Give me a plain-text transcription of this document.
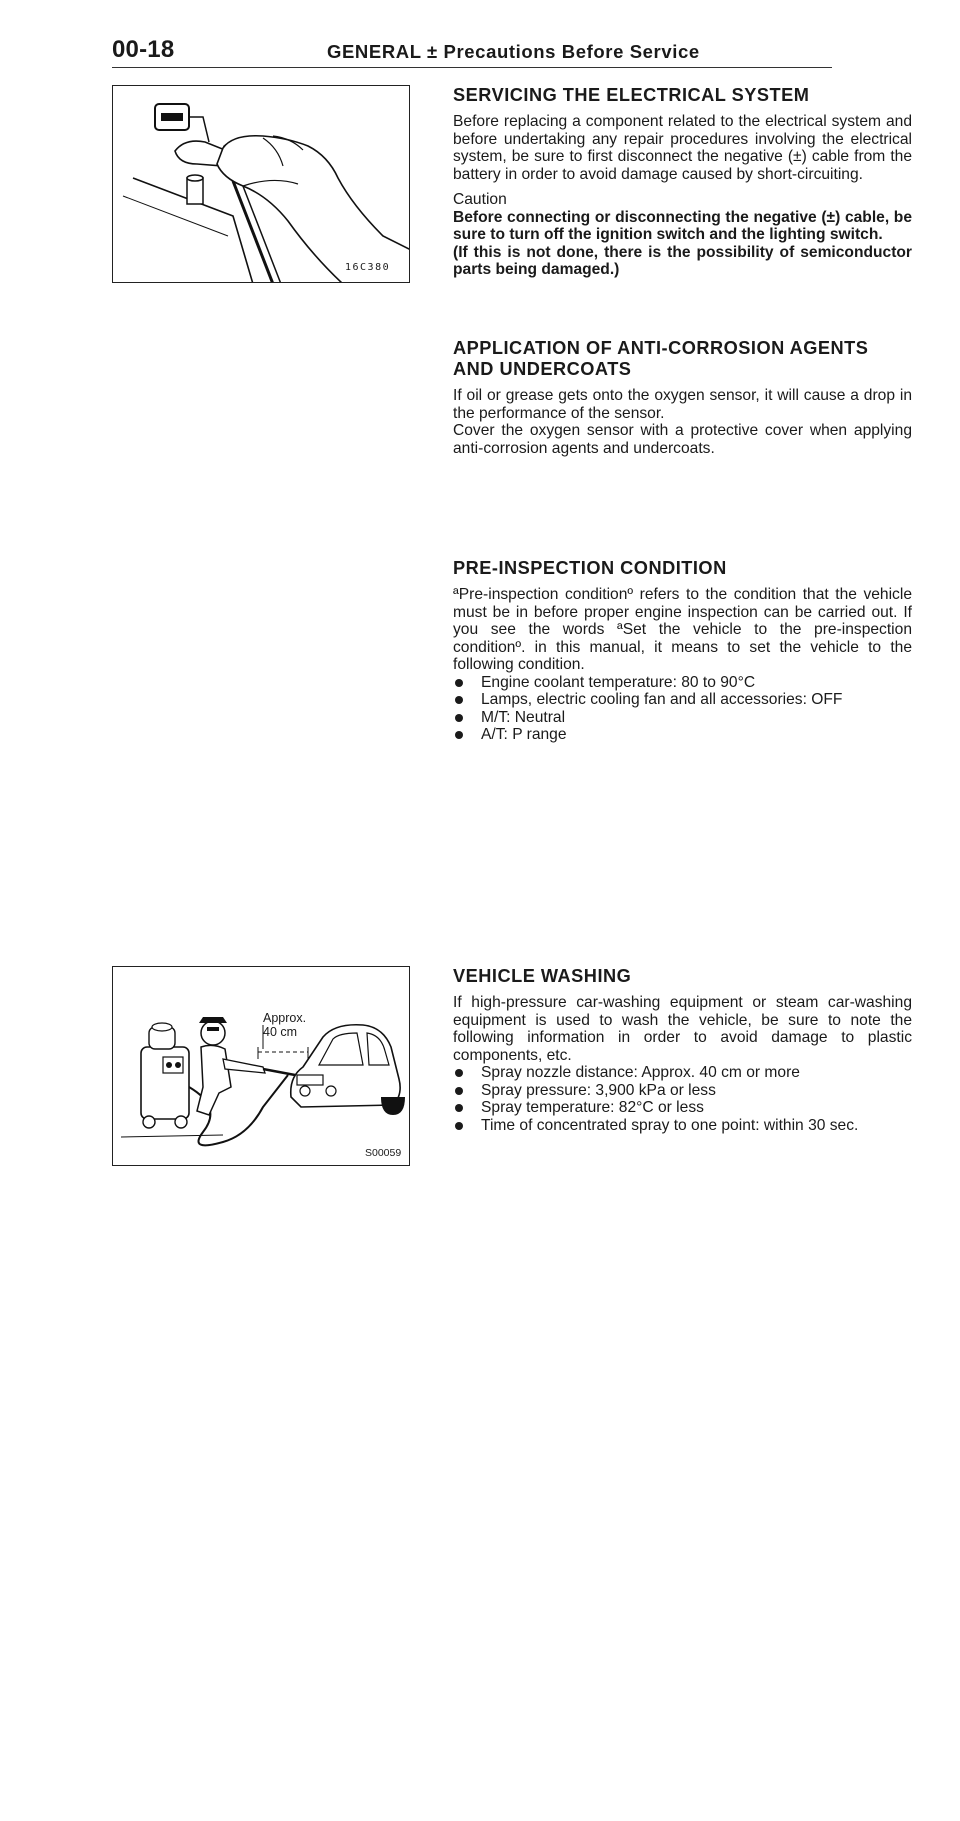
00-18	GENERAL ± Precautions Before Service
16C380
Approx.
40 cm
S00059
SERVICING THE ELECTRICAL SYSTEM

Before replacing a component related to the electrical system and before undertaking any repair procedures involving the electrical system, be sure to first disconnect the negative (±) cable from the battery in order to avoid damage caused by short-circuiting.

Caution

Before connecting or disconnecting the negative (±) cable, be sure to turn off the ignition switch and the lighting switch.

(If this is not done, there is the possibility of semiconductor parts being damaged.)

APPLICATION OF ANTI-CORROSION AGENTS AND UNDERCOATS

If oil or grease gets onto the oxygen sensor, it will cause a drop in the performance of the sensor.

Cover the oxygen sensor with a protective cover when applying anti-corrosion agents and undercoats.

PRE-INSPECTION CONDITION

ªPre-inspection conditionº refers to the condition that the vehicle must be in before proper engine inspection can be carried out. If you see the words ªSet the vehicle to the pre-inspection conditionº. in this manual, it means to set the vehicle to the following condition.

Engine coolant temperature: 80 to 90°C
Lamps, electric cooling fan and all accessories: OFF
M/T: Neutral
A/T: P range
VEHICLE WASHING

If high-pressure car-washing equipment or steam car-washing equipment is used to wash the vehicle, be sure to note the following information in order to avoid damage to plastic components, etc.

Spray nozzle distance: Approx. 40 cm or more
Spray pressure: 3,900 kPa or less
Spray temperature: 82°C or less
Time of concentrated spray to one point: within 30 sec.
